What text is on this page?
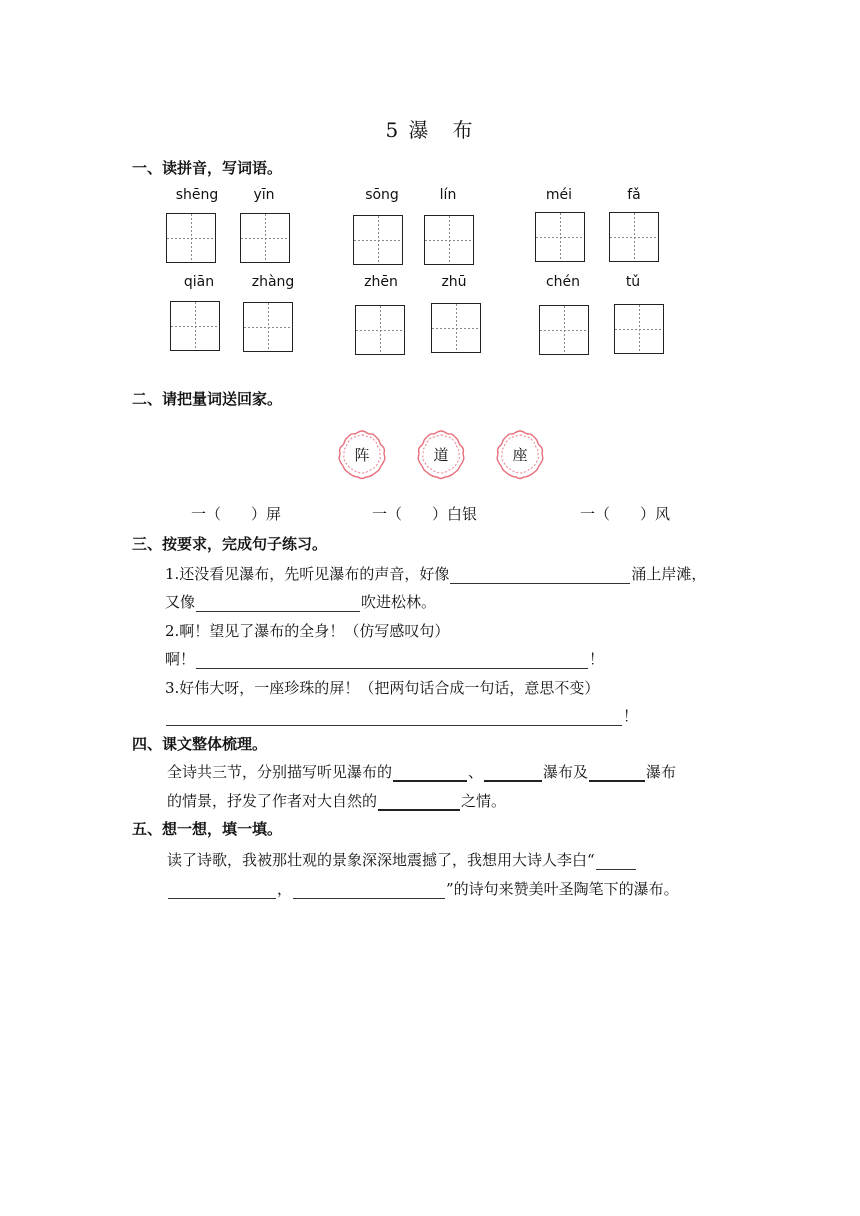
5 瀑　布
一、读拼音，写词语。
shēng	yīn	sōng	lín	méi	fǎ
qiān	zhàng	zhēn	zhū	chén	tǔ
二、请把量词送回家。
阵	道	座
一（　　）屏	一（　　）白银	一（　　）风
三、按要求，完成句子练习。
1.还没看见瀑布，先听见瀑布的声音，好像	涌上岸滩，
又像	吹进松林。
2.啊！望见了瀑布的全身！（仿写感叹句）
啊！	！
3.好伟大呀，一座珍珠的屏！（把两句话合成一句话，意思不变）
！
四、课文整体梳理。
全诗共三节，分别描写听见瀑布的	、	瀑布及	瀑布
的情景，抒发了作者对大自然的	之情。
五、想一想，填一填。
读了诗歌，我被那壮观的景象深深地震撼了，我想用大诗人李白“
，	”的诗句来赞美叶圣陶笔下的瀑布。
